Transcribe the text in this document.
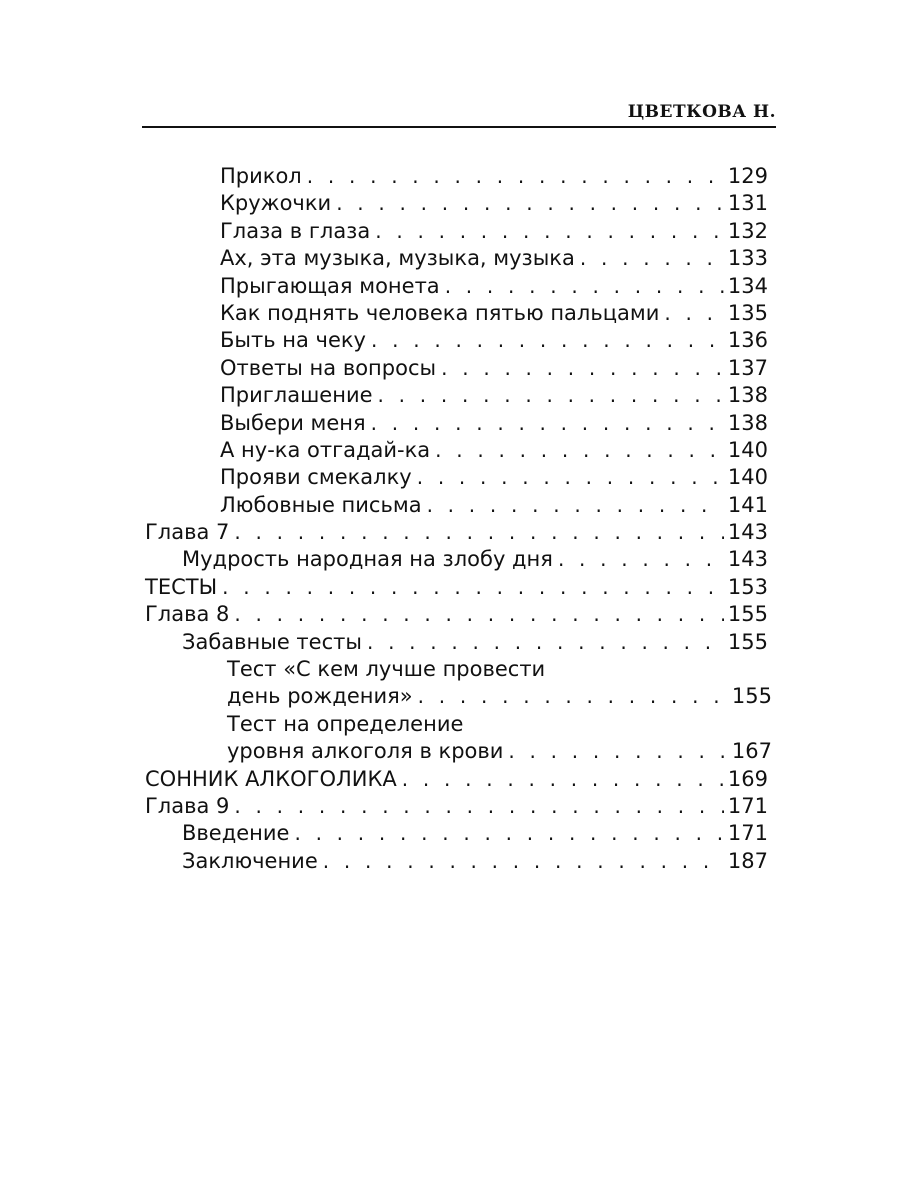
ЦВЕТКОВА Н.
Прикол . . .	129
Кружочки . . .	131
Глаза в глаза . . .	132
Ах, эта музыка, музыка, музыка . . .	133
Прыгающая монета . . .	134
Как поднять человека пятью пальцами . . .	135
Быть на чеку . . .	136
Ответы на вопросы . . .	137
Приглашение . . .	138
Выбери меня . . .	138
А ну-ка отгадай-ка . . .	140
Прояви смекалку . . .	140
Любовные письма . . .	141
Глава 7 . . .	143
Мудрость народная на злобу дня . . .	143
ТЕСТЫ . . .	153
Глава 8 . . .	155
Забавные тесты . . .	155
Тест «С кем лучше провести
день рождения» . . .	155
Тест на определение
уровня алкоголя в крови . . .	167
СОННИК АЛКОГОЛИКА . . .	169
Глава 9 . . .	171
Введение . . .	171
Заключение . . .	187
